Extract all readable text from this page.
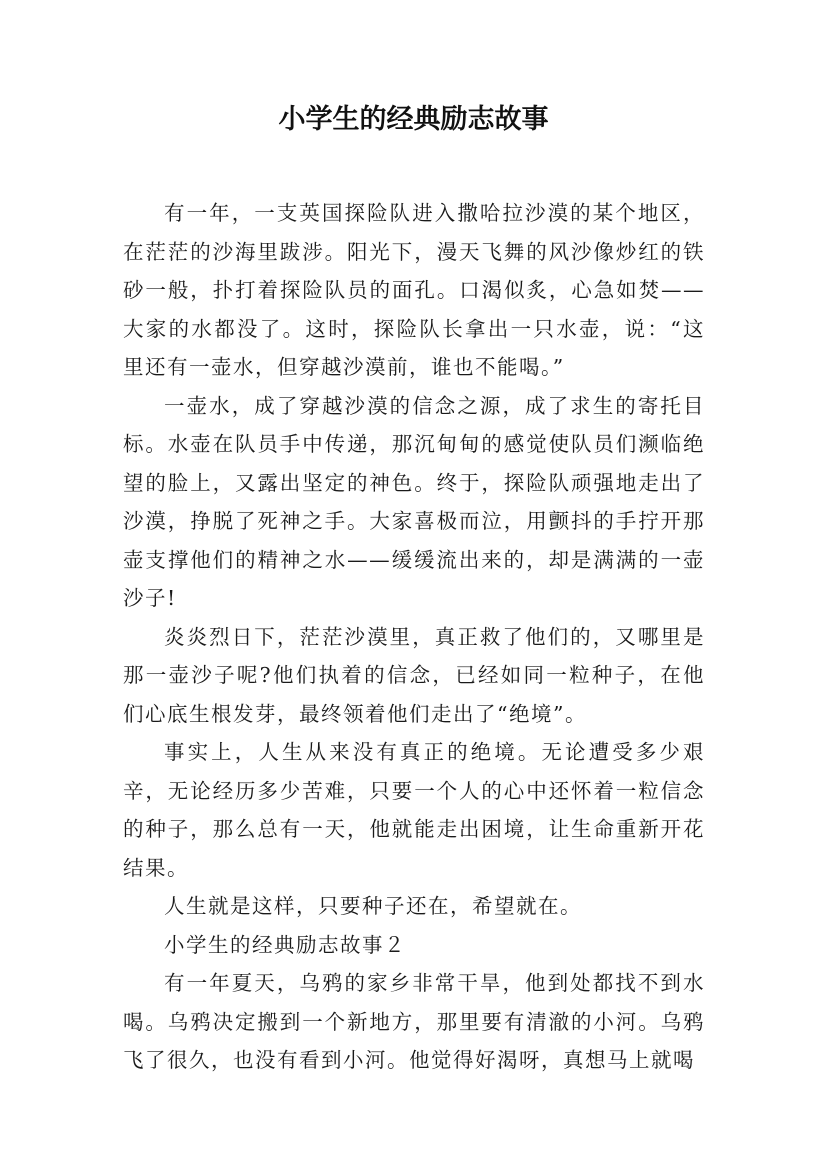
小学生的经典励志故事

有一年，一支英国探险队进入撒哈拉沙漠的某个地区，在茫茫的沙海里跋涉。阳光下，漫天飞舞的风沙像炒红的铁砂一般，扑打着探险队员的面孔。口渴似炙，心急如焚——大家的水都没了。这时，探险队长拿出一只水壶，说：“这里还有一壶水，但穿越沙漠前，谁也不能喝。”

一壶水，成了穿越沙漠的信念之源，成了求生的寄托目标。水壶在队员手中传递，那沉甸甸的感觉使队员们濒临绝望的脸上，又露出坚定的神色。终于，探险队顽强地走出了沙漠，挣脱了死神之手。大家喜极而泣，用颤抖的手拧开那壶支撑他们的精神之水——缓缓流出来的，却是满满的一壶沙子!

炎炎烈日下，茫茫沙漠里，真正救了他们的，又哪里是那一壶沙子呢?他们执着的信念，已经如同一粒种子，在他们心底生根发芽，最终领着他们走出了“绝境”。

事实上，人生从来没有真正的绝境。无论遭受多少艰辛，无论经历多少苦难，只要一个人的心中还怀着一粒信念的种子，那么总有一天，他就能走出困境，让生命重新开花结果。

人生就是这样，只要种子还在，希望就在。

小学生的经典励志故事２

有一年夏天，乌鸦的家乡非常干旱，他到处都找不到水喝。乌鸦决定搬到一个新地方，那里要有清澈的小河。乌鸦飞了很久，也没有看到小河。他觉得好渴呀，真想马上就喝
